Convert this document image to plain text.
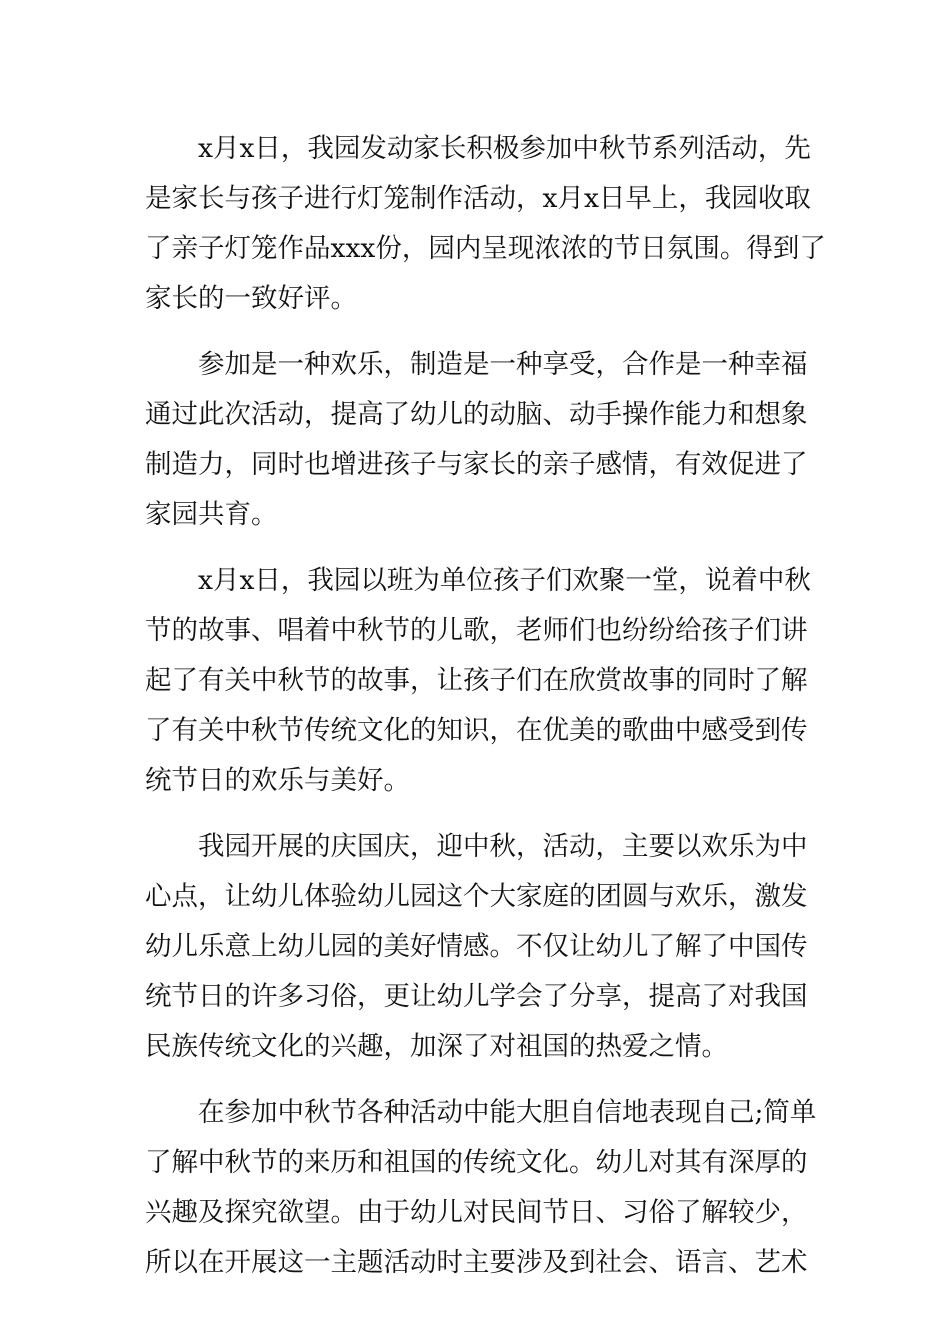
x月x日，我园发动家长积极参加中秋节系列活动，先
是家长与孩子进行灯笼制作活动，x月x日早上，我园收取
了亲子灯笼作品xxx份，园内呈现浓浓的节日氛围。得到了
家长的一致好评。
参加是一种欢乐，制造是一种享受，合作是一种幸福
通过此次活动，提高了幼儿的动脑、动手操作能力和想象
制造力，同时也增进孩子与家长的亲子感情，有效促进了
家园共育。
x月x日，我园以班为单位孩子们欢聚一堂，说着中秋
节的故事、唱着中秋节的儿歌，老师们也纷纷给孩子们讲
起了有关中秋节的故事，让孩子们在欣赏故事的同时了解
了有关中秋节传统文化的知识，在优美的歌曲中感受到传
统节日的欢乐与美好。
我园开展的庆国庆，迎中秋，活动，主要以欢乐为中
心点，让幼儿体验幼儿园这个大家庭的团圆与欢乐，激发
幼儿乐意上幼儿园的美好情感。不仅让幼儿了解了中国传
统节日的许多习俗，更让幼儿学会了分享，提高了对我国
民族传统文化的兴趣，加深了对祖国的热爱之情。
在参加中秋节各种活动中能大胆自信地表现自己;简单
了解中秋节的来历和祖国的传统文化。幼儿对其有深厚的
兴趣及探究欲望。由于幼儿对民间节日、习俗了解较少，
所以在开展这一主题活动时主要涉及到社会、语言、艺术
